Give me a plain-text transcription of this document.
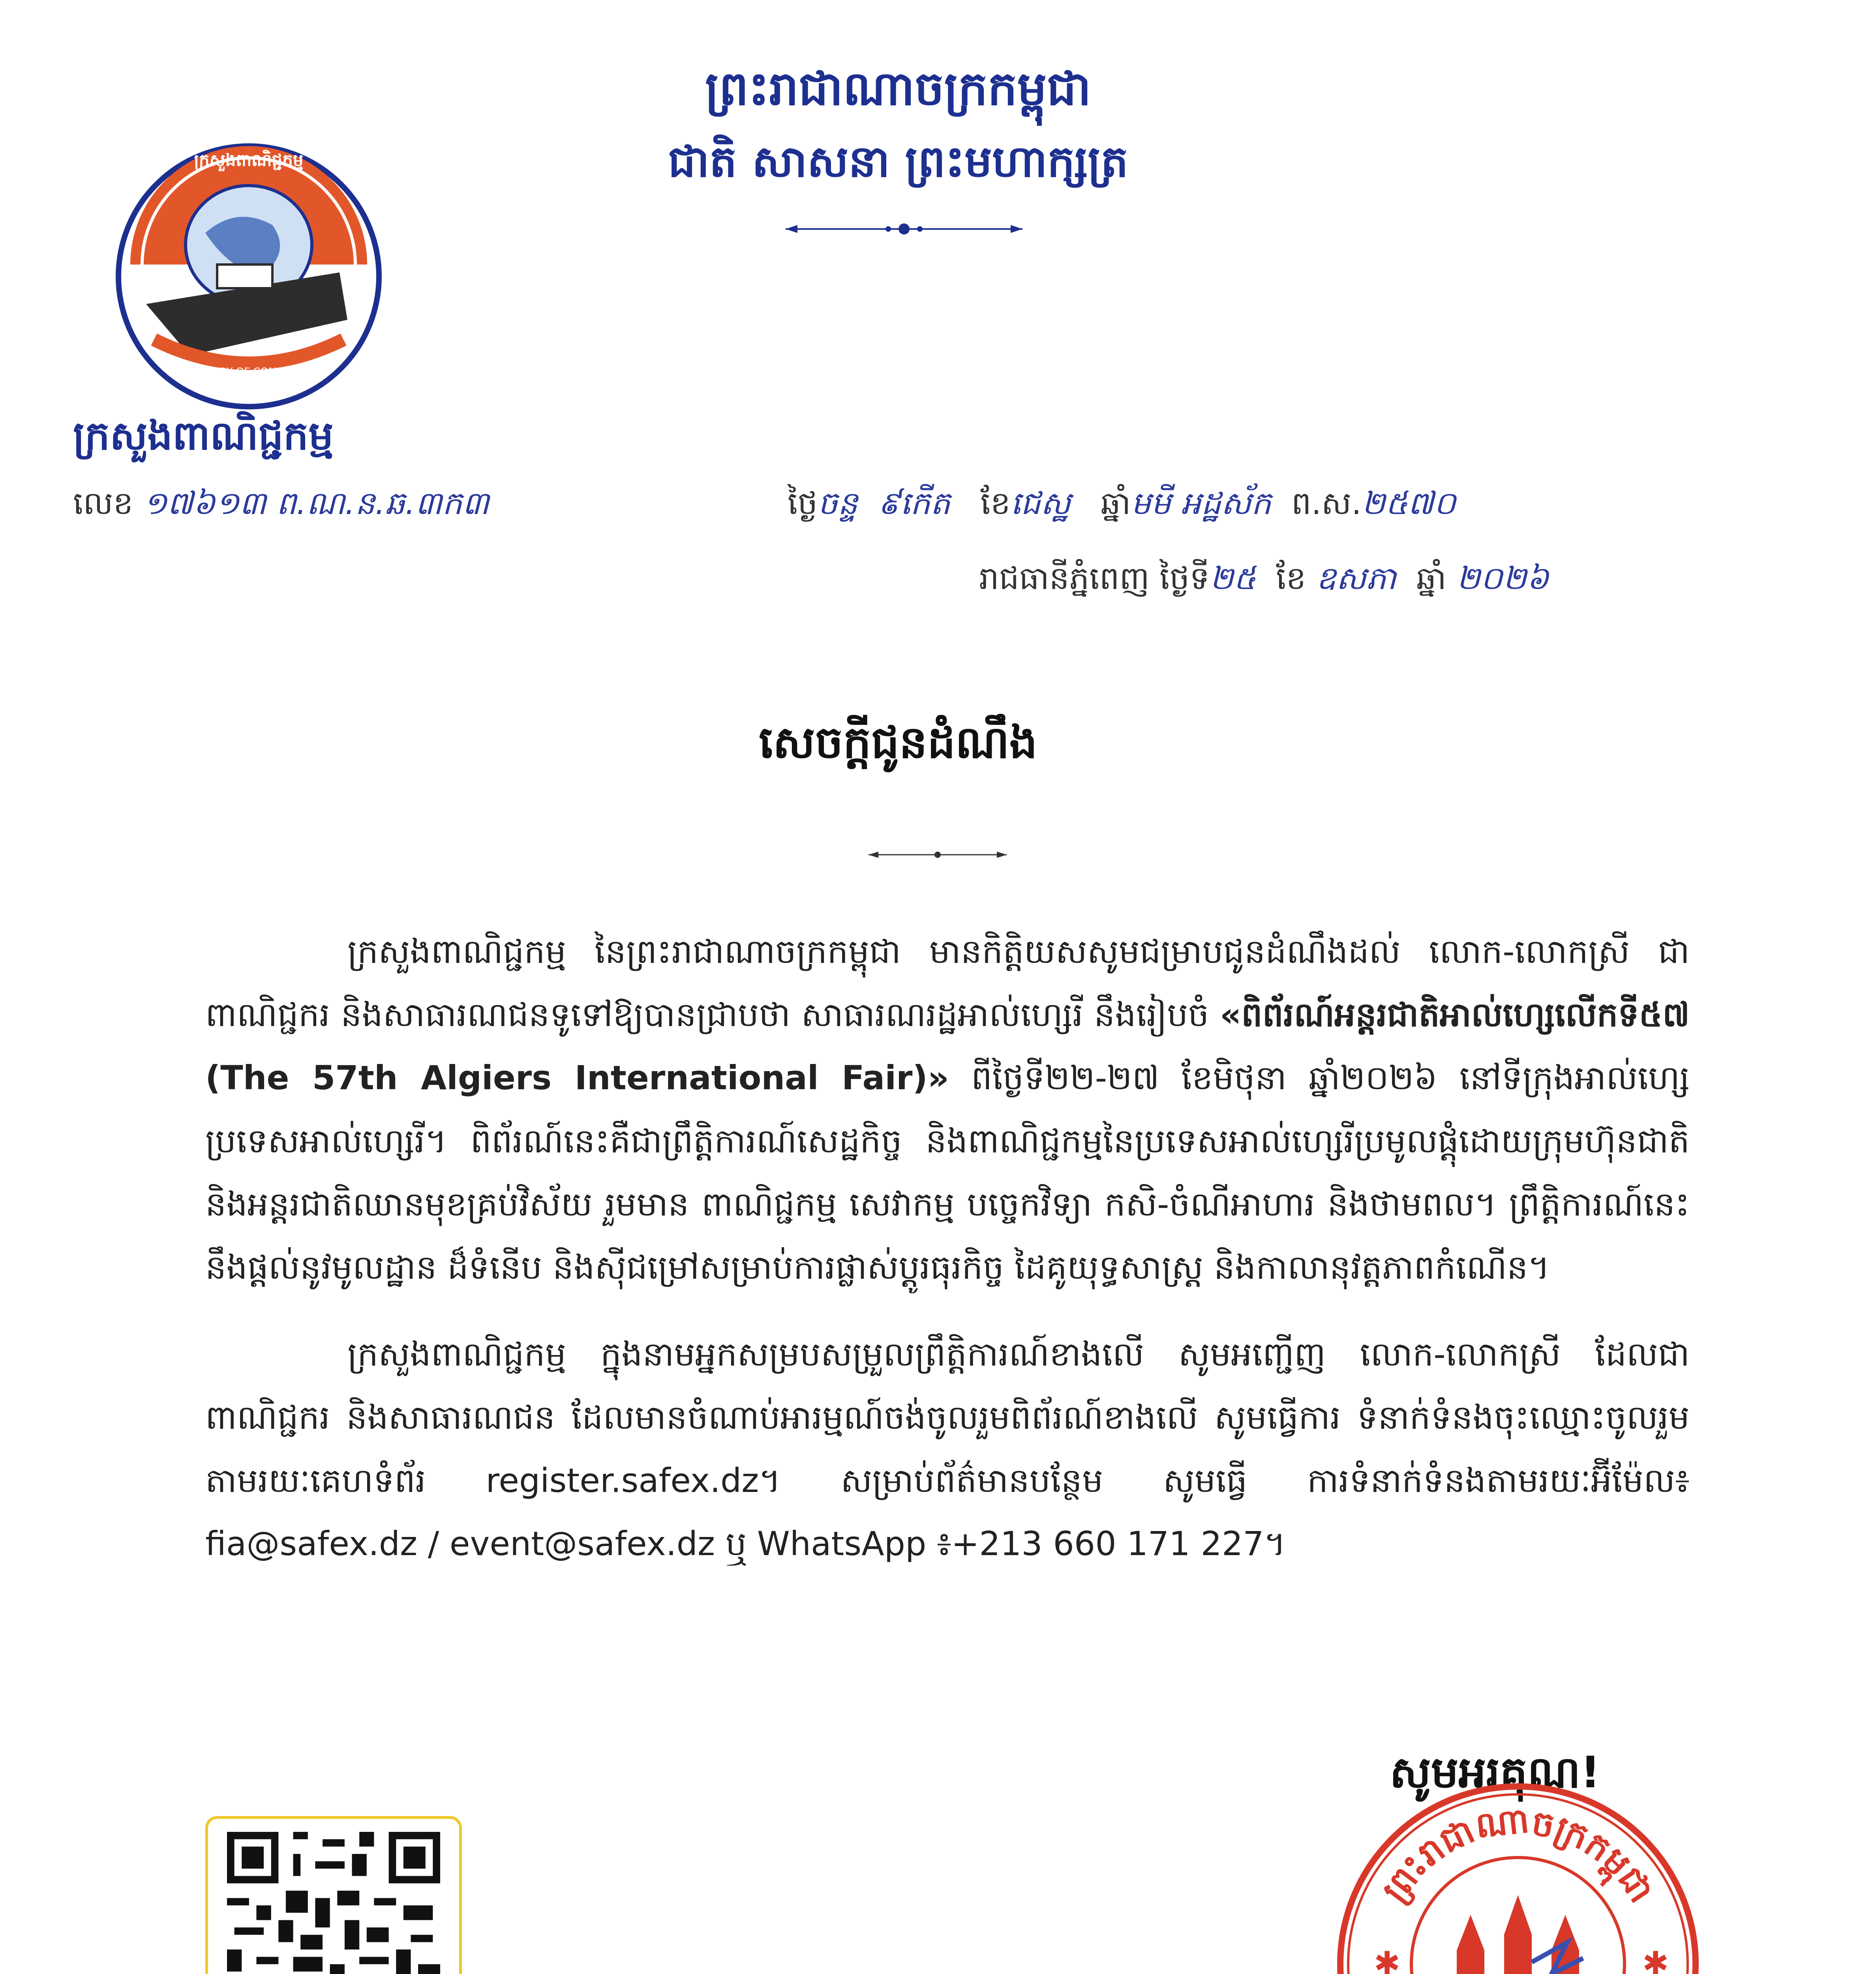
ក្រសួងពាណិជ្ជកម្ម
MINISTRY OF COMMERCE
ព្រះរាជាណាចក្រកម្ពុជា
ជាតិ សាសនា ព្រះមហាក្សត្រ
ក្រសួងពាណិជ្ជកម្ម
លេខ ១៧៦១៣ ព.ណ.ន.ឆ.៣ក៣	ថ្ងៃចន្ទ ៩កើត ខែជេស្ឋ ឆ្នាំមមី អដ្ឋស័ក ព.ស.២៥៧០
រាជធានីភ្នំពេញ ថ្ងៃទី២៥ ខែ ឧសភា ឆ្នាំ ២០២៦
សេចក្តីជូនដំណឹង

ក្រសួងពាណិជ្ជកម្ម នៃព្រះរាជាណាចក្រកម្ពុជា មានកិត្តិយសសូមជម្រាបជូនដំណឹងដល់ លោក-លោកស្រី ជាពាណិជ្ជករ និងសាធារណជនទូទៅឱ្យបានជ្រាបថា សាធារណរដ្ឋអាល់ហ្សេរី នឹងរៀបចំ «ពិព័រណ៍អន្តរជាតិអាល់ហ្សេលើកទី៥៧ (The 57th Algiers International Fair)» ពីថ្ងៃទី២២-២៧ ខែមិថុនា ឆ្នាំ២០២៦ នៅទីក្រុងអាល់ហ្សេ ប្រទេសអាល់ហ្សេរី។ ពិព័រណ៍នេះគឺជាព្រឹត្តិការណ៍សេដ្ឋកិច្ច និងពាណិជ្ជកម្មនៃប្រទេសអាល់ហ្សេរីប្រមូលផ្តុំដោយក្រុមហ៊ុនជាតិ និងអន្តរជាតិឈានមុខគ្រប់វិស័យ រួមមាន ពាណិជ្ជកម្ម សេវាកម្ម បច្ចេកវិទ្យា កសិ-ចំណីអាហារ និងថាមពល។ ព្រឹត្តិការណ៍នេះ នឹងផ្តល់នូវមូលដ្ឋាន ដ៏ទំនើប និងស៊ីជម្រៅសម្រាប់ការផ្លាស់ប្តូរធុរកិច្ច ដៃគូយុទ្ធសាស្ត្រ និងកាលានុវត្តភាពកំណើន។

ក្រសួងពាណិជ្ជកម្ម ក្នុងនាមអ្នកសម្របសម្រួលព្រឹត្តិការណ៍ខាងលើ សូមអញ្ជើញ លោក-លោកស្រី ដែលជាពាណិជ្ជករ និងសាធារណជន ដែលមានចំណាប់អារម្មណ៍ចង់ចូលរួមពិព័រណ៍ខាងលើ សូមធ្វើការ ទំនាក់ទំនងចុះឈ្មោះចូលរួមតាមរយៈគេហទំព័រ register.safex.dz។ សម្រាប់ព័ត៌មានបន្ថែម សូមធ្វើ ការទំនាក់ទំនងតាមរយៈអ៊ីម៉ែល៖ fia@safex.dz / event@safex.dz ឬ WhatsApp ៖+213 660 171 227។

សូមអរគុណ!
ព្រះរាជាណាចក្រកម្ពុជា
✱	✱
